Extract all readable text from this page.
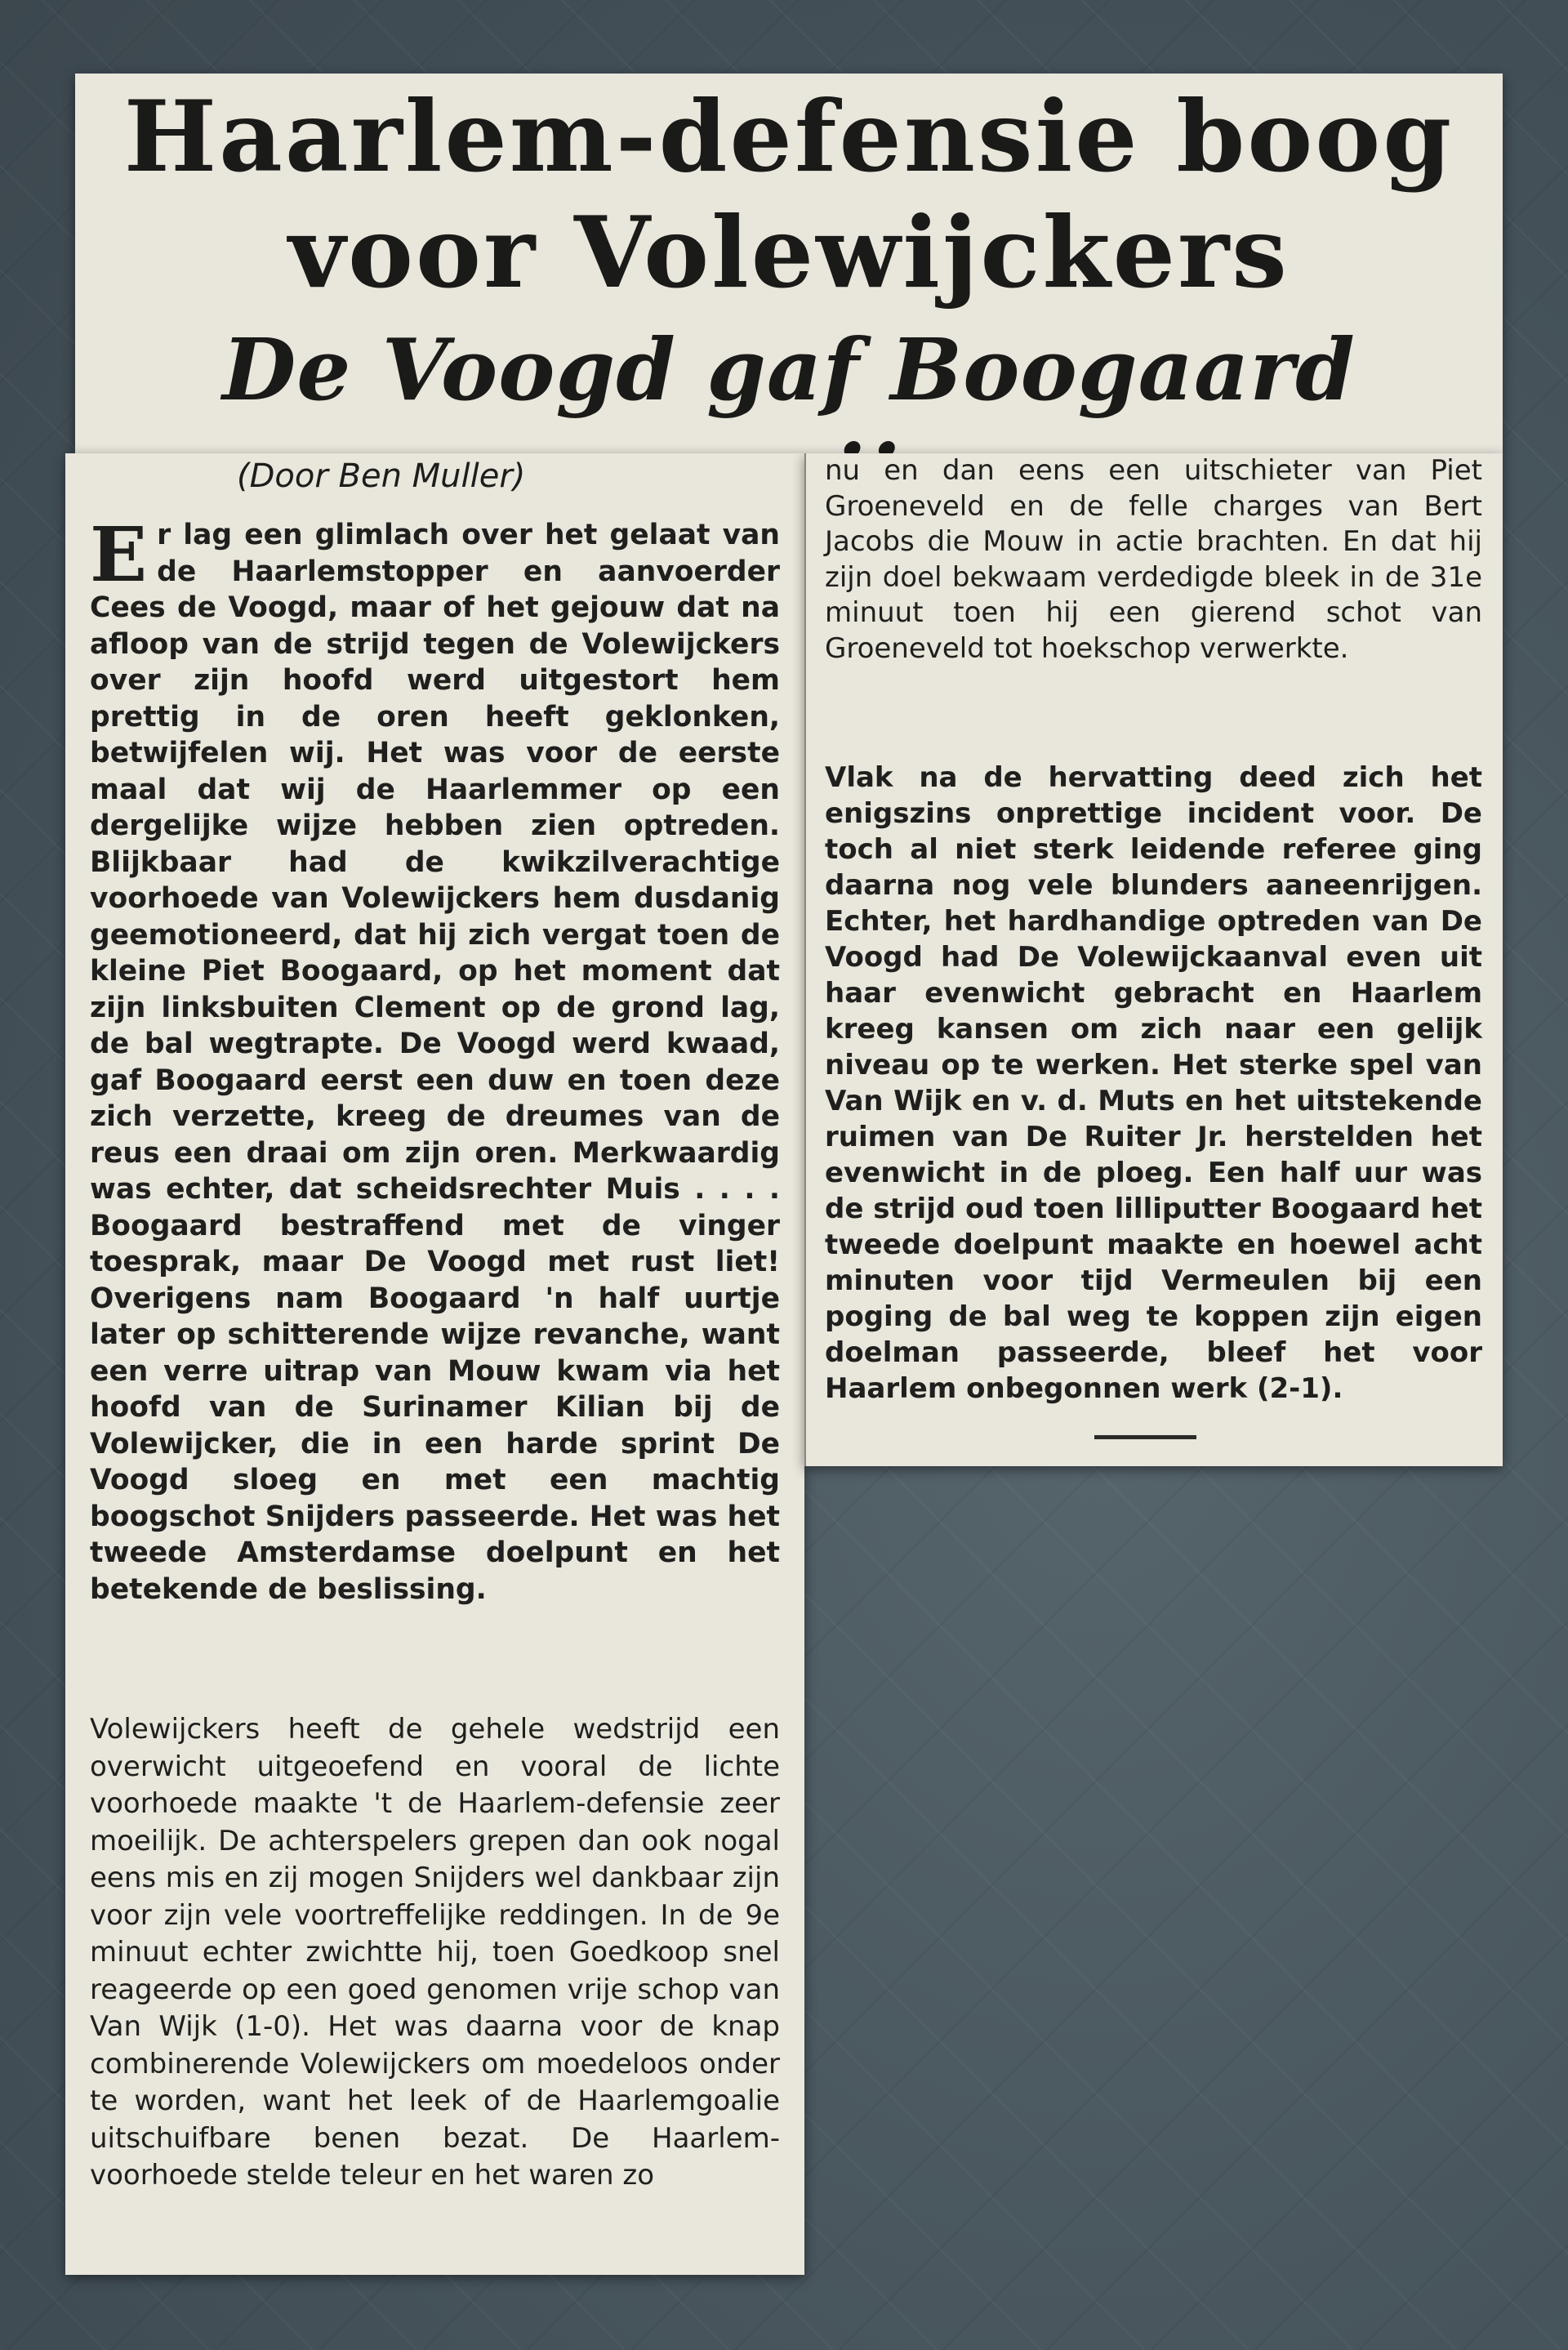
Haarlem-defensie boog
voor Volewijckers
De Voogd gaf Boogaard

(Door Ben Muller)

Er lag een glimlach over het gelaat van de Haarlemstopper en aanvoerder Cees de Voogd, maar of het gejouw dat na afloop van de strijd tegen de Volewijckers over zijn hoofd werd uitgestort hem prettig in de oren heeft geklonken, betwijfelen wij. Het was voor de eerste maal dat wij de Haarlemmer op een dergelijke wijze hebben zien optreden. Blijkbaar had de kwikzilverachtige voorhoede van Volewijckers hem dusdanig geemotioneerd, dat hij zich vergat toen de kleine Piet Boogaard, op het moment dat zijn linksbuiten Clement op de grond lag, de bal wegtrapte. De Voogd werd kwaad, gaf Boogaard eerst een duw en toen deze zich verzette, kreeg de dreumes van de reus een draai om zijn oren. Merkwaardig was echter, dat scheidsrechter Muis . . . . Boogaard bestraffend met de vinger toesprak, maar De Voogd met rust liet! Overigens nam Boogaard 'n half uurtje later op schitterende wijze revanche, want een verre uitrap van Mouw kwam via het hoofd van de Surinamer Kilian bij de Volewijcker, die in een harde sprint De Voogd sloeg en met een machtig boogschot Snijders passeerde. Het was het tweede Amsterdamse doelpunt en het betekende de beslissing.

Volewijckers heeft de gehele wedstrijd een overwicht uitgeoefend en vooral de lichte voorhoede maakte 't de Haarlem-defensie zeer moeilijk. De achterspelers grepen dan ook nogal eens mis en zij mogen Snijders wel dankbaar zijn voor zijn vele voortreffelijke reddingen. In de 9e minuut echter zwichtte hij, toen Goedkoop snel reageerde op een goed genomen vrije schop van Van Wijk (1-0). Het was daarna voor de knap combinerende Volewijckers om moedeloos onder te worden, want het leek of de Haarlemgoalie uitschuifbare benen bezat. De Haarlem-voorhoede stelde teleur en het waren zo

nu en dan eens een uitschieter van Piet Groeneveld en de felle charges van Bert Jacobs die Mouw in actie brachten. En dat hij zijn doel bekwaam verdedigde bleek in de 31e minuut toen hij een gierend schot van Groeneveld tot hoekschop verwerkte.

Vlak na de hervatting deed zich het enigszins onprettige incident voor. De toch al niet sterk leidende referee ging daarna nog vele blunders aaneenrijgen. Echter, het hardhandige optreden van De Voogd had De Volewijckaanval even uit haar evenwicht gebracht en Haarlem kreeg kansen om zich naar een gelijk niveau op te werken. Het sterke spel van Van Wijk en v. d. Muts en het uitstekende ruimen van De Ruiter Jr. herstelden het evenwicht in de ploeg. Een half uur was de strijd oud toen lilliputter Boogaard het tweede doelpunt maakte en hoewel acht minuten voor tijd Vermeulen bij een poging de bal weg te koppen zijn eigen doelman passeerde, bleef het voor Haarlem onbegonnen werk (2-1).
